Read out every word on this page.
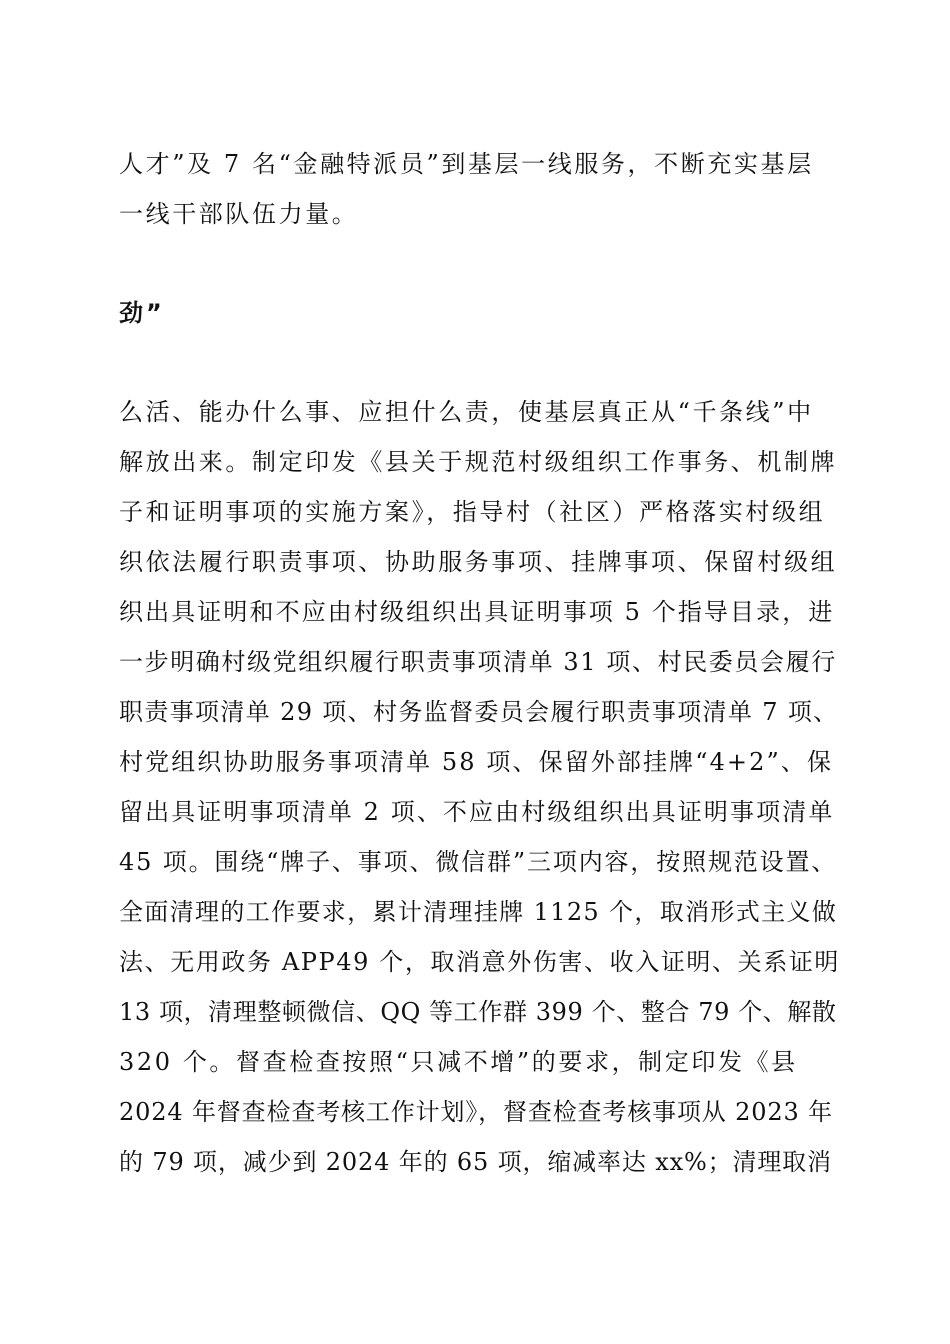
人才”及 7 名“金融特派员”到基层一线服务，不断充实基层
一线干部队伍力量。
劲”
么活、能办什么事、应担什么责，使基层真正从“千条线”中
解放出来。制定印发《县关于规范村级组织工作事务、机制牌
子和证明事项的实施方案》，指导村（社区）严格落实村级组
织依法履行职责事项、协助服务事项、挂牌事项、保留村级组
织出具证明和不应由村级组织出具证明事项 5 个指导目录，进
一步明确村级党组织履行职责事项清单 31 项、村民委员会履行
职责事项清单 29 项、村务监督委员会履行职责事项清单 7 项、
村党组织协助服务事项清单 58 项、保留外部挂牌“4+2”、保
留出具证明事项清单 2 项、不应由村级组织出具证明事项清单
45 项。围绕“牌子、事项、微信群”三项内容，按照规范设置、
全面清理的工作要求，累计清理挂牌 1125 个，取消形式主义做
法、无用政务 APP49 个，取消意外伤害、收入证明、关系证明
13 项，清理整顿微信、QQ 等工作群 399 个、整合 79 个、解散
320 个。督查检查按照“只减不增”的要求，制定印发《县
2024 年督查检查考核工作计划》，督查检查考核事项从 2023 年
的 79 项，减少到 2024 年的 65 项，缩减率达 xx%；清理取消
